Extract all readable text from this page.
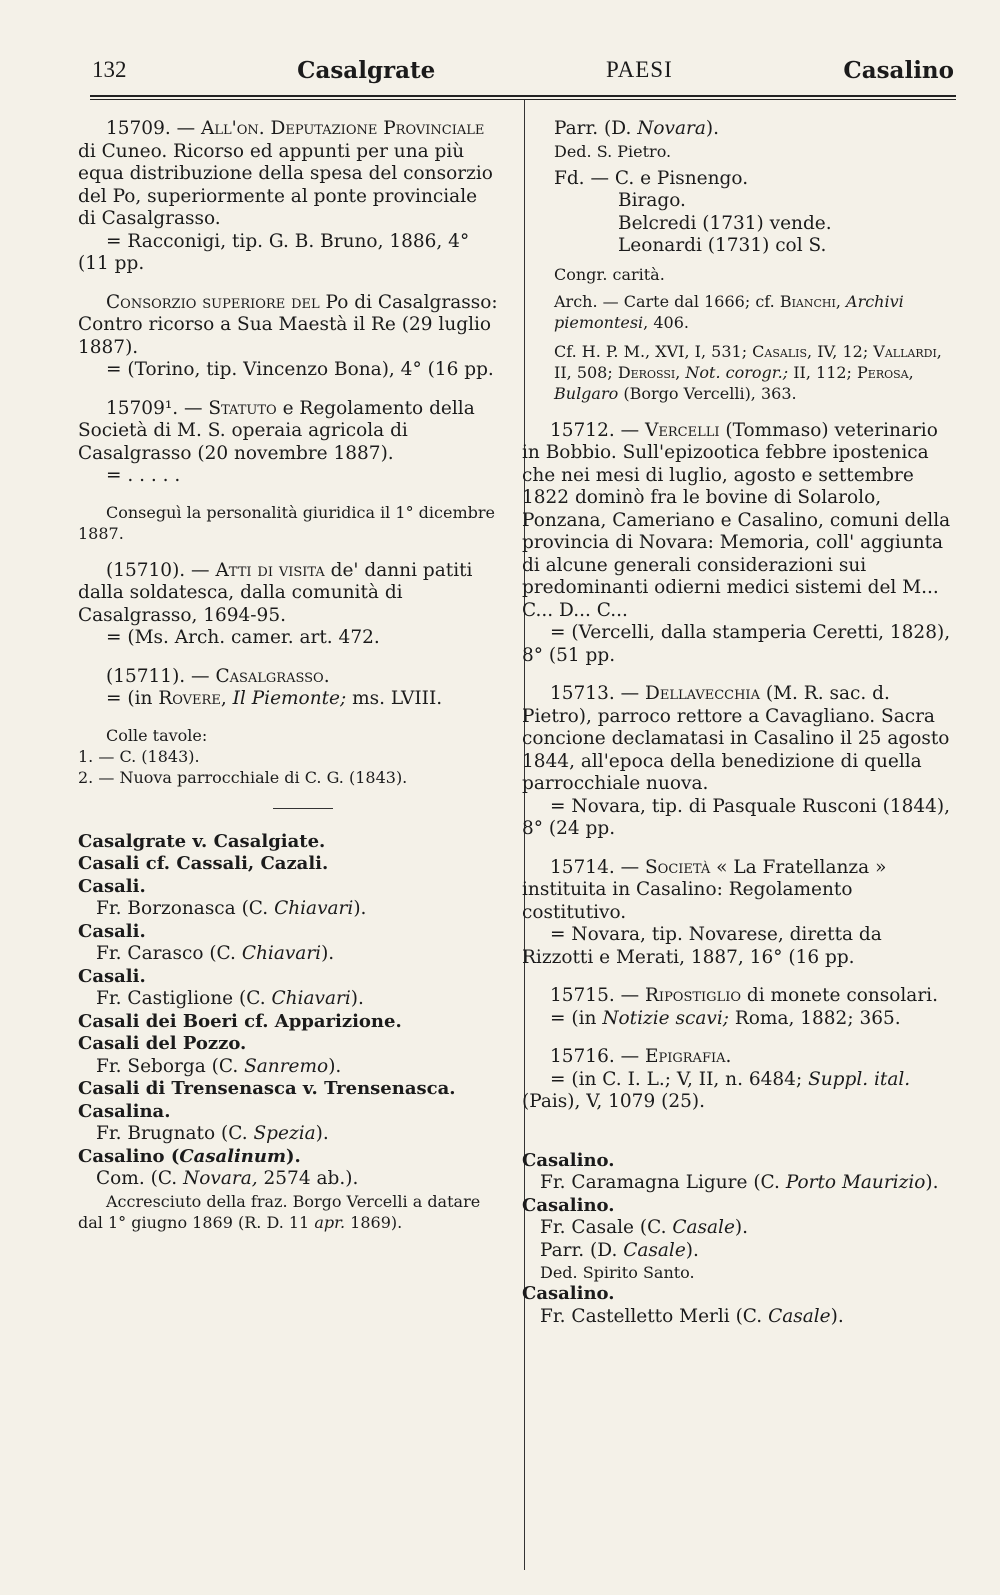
132	Casalgrate	PAESI	Casalino

15709. — All'on. Deputazione Provinciale di Cuneo. Ricorso ed appunti per una più equa distribuzione della spesa del consorzio del Po, superiormente al ponte provinciale di Casalgrasso.

= Racconigi, tip. G. B. Bruno, 1886, 4° (11 pp.

Consorzio superiore del Po di Casalgrasso: Contro ricorso a Sua Maestà il Re (29 luglio 1887).

= (Torino, tip. Vincenzo Bona), 4° (16 pp.

15709¹. — Statuto e Regolamento della Società di M. S. operaia agricola di Casalgrasso (20 novembre 1887).

= . . . . .

Conseguì la personalità giuridica il 1° dicembre 1887.

(15710). — Atti di visita de' danni patiti dalla soldatesca, dalla comunità di Casalgrasso, 1694-95.

= (Ms. Arch. camer. art. 472.

(15711). — Casalgrasso.

= (in Rovere, Il Piemonte; ms. LVIII.

Colle tavole:

1. — C. (1843).

2. — Nuova parrocchiale di C. G. (1843).

Casalgrate v. Casalgiate.

Casali cf. Cassali, Cazali.

Casali.

Fr. Borzonasca (C. Chiavari).

Casali.

Fr. Carasco (C. Chiavari).

Casali.

Fr. Castiglione (C. Chiavari).

Casali dei Boeri cf. Apparizione.

Casali del Pozzo.

Fr. Seborga (C. Sanremo).

Casali di Trensenasca v. Trensenasca.

Casalina.

Fr. Brugnato (C. Spezia).

Casalino (Casalinum).

Com. (C. Novara, 2574 ab.).

Accresciuto della fraz. Borgo Vercelli a datare dal 1° giugno 1869 (R. D. 11 apr. 1869).

Parr. (D. Novara).

Ded. S. Pietro.

Fd. — C. e Pisnengo.

Birago.

Belcredi (1731) vende.

Leonardi (1731) col S.

Congr. carità.

Arch. — Carte dal 1666; cf. Bianchi, Archivi piemontesi, 406.

Cf. H. P. M., XVI, I, 531; Casalis, IV, 12; Vallardi, II, 508; Derossi, Not. corogr.; II, 112; Perosa, Bulgaro (Borgo Vercelli), 363.

15712. — Vercelli (Tommaso) veterinario in Bobbio. Sull'epizootica febbre ipostenica che nei mesi di luglio, agosto e settembre 1822 dominò fra le bovine di Solarolo, Ponzana, Cameriano e Casalino, comuni della provincia di Novara: Memoria, coll' aggiunta di alcune generali considerazioni sui predominanti odierni medici sistemi del M... C... D... C...

= (Vercelli, dalla stamperia Ceretti, 1828), 8° (51 pp.

15713. — Dellavecchia (M. R. sac. d. Pietro), parroco rettore a Cavagliano. Sacra concione declamatasi in Casalino il 25 agosto 1844, all'epoca della benedizione di quella parrocchiale nuova.

= Novara, tip. di Pasquale Rusconi (1844), 8° (24 pp.

15714. — Società « La Fratellanza » instituita in Casalino: Regolamento costitutivo.

= Novara, tip. Novarese, diretta da Rizzotti e Merati, 1887, 16° (16 pp.

15715. — Ripostiglio di monete consolari.

= (in Notizie scavi; Roma, 1882; 365.

15716. — Epigrafia.

= (in C. I. L.; V, II, n. 6484; Suppl. ital. (Pais), V, 1079 (25).

Casalino.

Fr. Caramagna Ligure (C. Porto Maurizio).

Casalino.

Fr. Casale (C. Casale).

Parr. (D. Casale).

Ded. Spirito Santo.

Casalino.

Fr. Castelletto Merli (C. Casale).
